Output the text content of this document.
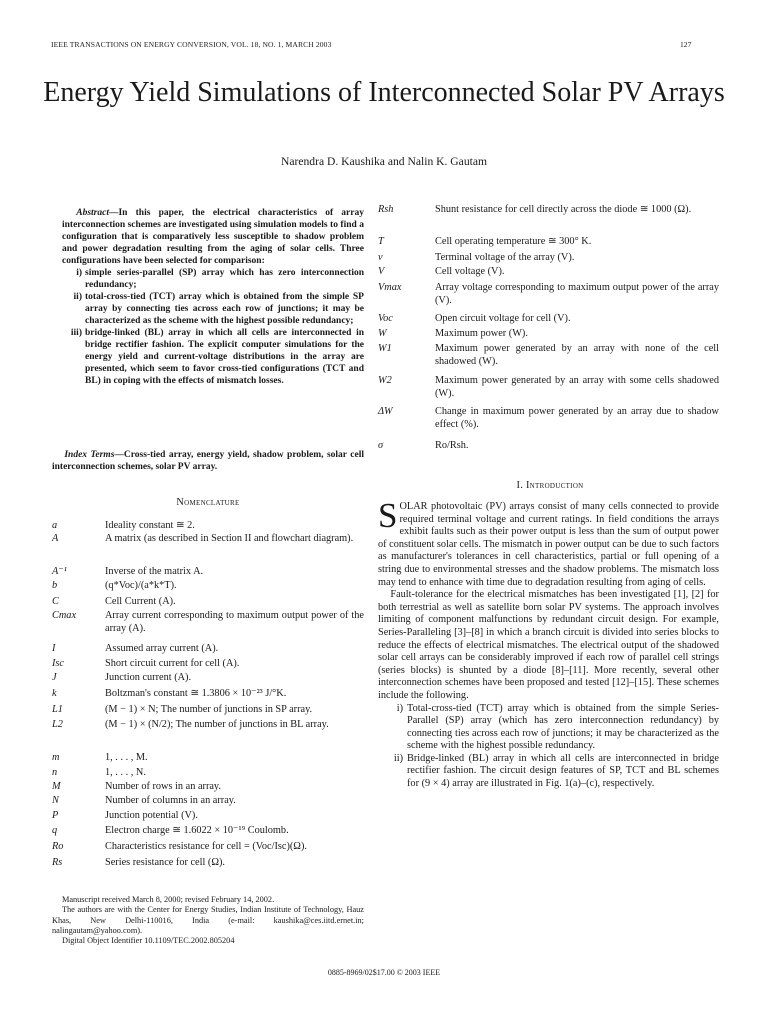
IEEE TRANSACTIONS ON ENERGY CONVERSION, VOL. 18, NO. 1, MARCH 2003	127
Energy Yield Simulations of Interconnected Solar PV Arrays
Narendra D. Kaushika and Nalin K. Gautam

Abstract—In this paper, the electrical characteristics of array interconnection schemes are investigated using simulation models to find a configuration that is comparatively less susceptible to shadow problem and power degradation resulting from the aging of solar cells. Three configurations have been selected for comparison:

i) simple series-parallel (SP) array which has zero interconnection redundancy;
ii) total-cross-tied (TCT) array which is obtained from the simple SP array by connecting ties across each row of junctions; it may be characterized as the scheme with the highest possible redundancy;
iii) bridge-linked (BL) array in which all cells are interconnected in bridge rectifier fashion. The explicit computer simulations for the energy yield and current-voltage distributions in the array are presented, which seem to favor cross-tied configurations (TCT and BL) in coping with the effects of mismatch losses.
Index Terms—Cross-tied array, energy yield, shadow problem, solar cell interconnection schemes, solar PV array.
Nomenclature
a	Ideality constant ≅ 2.
A	A matrix (as described in Section II and flowchart diagram).
A⁻¹	Inverse of the matrix A.
b	(q*Voc)/(a*k*T).
C	Cell Current (A).
Cmax	Array current corresponding to maximum output power of the array (A).
I	Assumed array current (A).
Isc	Short circuit current for cell (A).
J	Junction current (A).
k	Boltzman's constant ≅ 1.3806 × 10⁻²³ J/°K.
L1	(M − 1) × N; The number of junctions in SP array.
L2	(M − 1) × (N/2); The number of junctions in BL array.
m	1, . . . , M.
n	1, . . . , N.
M	Number of rows in an array.
N	Number of columns in an array.
P	Junction potential (V).
q	Electron charge ≅ 1.6022 × 10⁻¹⁹ Coulomb.
Ro	Characteristics resistance for cell = (Voc/Isc)(Ω).
Rs	Series resistance for cell (Ω).
Rsh	Shunt resistance for cell directly across the diode ≅ 1000 (Ω).
T	Cell operating temperature ≅ 300° K.
v	Terminal voltage of the array (V).
V	Cell voltage (V).
Vmax	Array voltage corresponding to maximum output power of the array (V).
Voc	Open circuit voltage for cell (V).
W	Maximum power (W).
W1	Maximum power generated by an array with none of the cell shadowed (W).
W2	Maximum power generated by an array with some cells shadowed (W).
ΔW	Change in maximum power generated by an array due to shadow effect (%).
σ	Ro/Rsh.
I. Introduction

SOLAR photovoltaic (PV) arrays consist of many cells connected to provide required terminal voltage and current ratings. In field conditions the arrays exhibit faults such as their power output is less than the sum of output power of constituent solar cells. The mismatch in power output can be due to such factors as manufacturer's tolerances in cell characteristics, partial or full opening of a string due to environmental stresses and the shadow problems. The mismatch loss may tend to enhance with time due to degradation resulting from aging of cells.

Fault-tolerance for the electrical mismatches has been investigated [1], [2] for both terrestrial as well as satellite born solar PV systems. The approach involves limiting of component malfunctions by redundant circuit design. For example, Series-Paralleling [3]–[8] in which a branch circuit is divided into series blocks to reduce the effects of electrical mismatches. The electrical output of the shadowed solar cell arrays can be considerably improved if each row of parallel cell strings (series blocks) is shunted by a diode [8]–[11]. More recently, several other interconnection schemes have been proposed and tested [12]–[15]. These schemes include the following.

i) Total-cross-tied (TCT) array which is obtained from the simple Series-Parallel (SP) array (which has zero interconnection redundancy) by connecting ties across each row of junctions; it may be characterized as the scheme with the highest possible redundancy.
ii) Bridge-linked (BL) array in which all cells are interconnected in bridge rectifier fashion. The circuit design features of SP, TCT and BL schemes for (9 × 4) array are illustrated in Fig. 1(a)–(c), respectively.

Manuscript received March 8, 2000; revised February 14, 2002.

The authors are with the Center for Energy Studies, Indian Institute of Technology, Hauz Khas, New Delhi-110016, India (e-mail: kaushika@ces.iitd.ernet.in; nalingautam@yahoo.com).

Digital Object Identifier 10.1109/TEC.2002.805204

0885-8969/02$17.00 © 2003 IEEE
